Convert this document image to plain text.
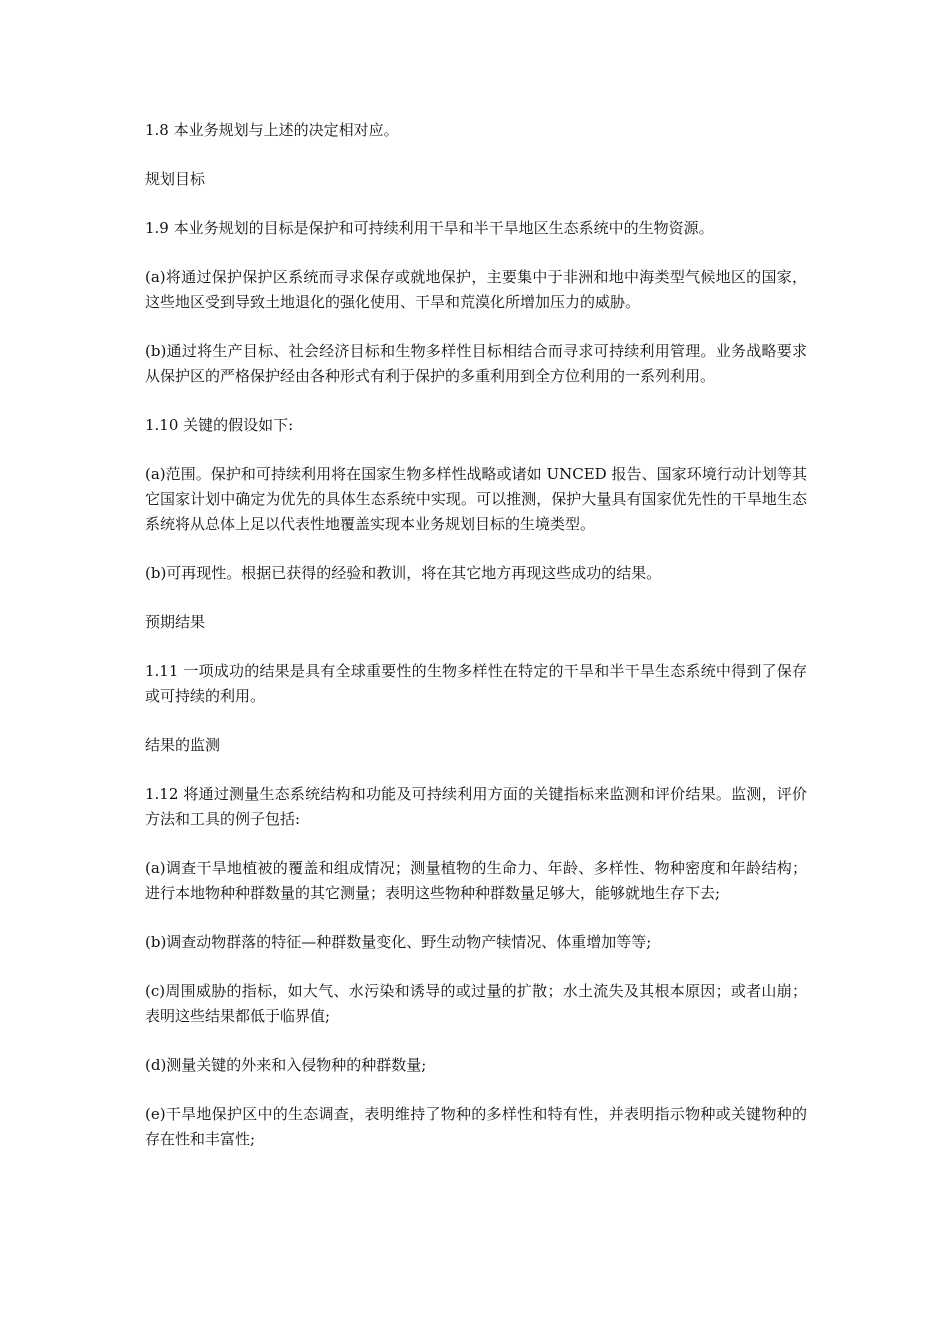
1.8 本业务规划与上述的决定相对应。

规划目标

1.9 本业务规划的目标是保护和可持续利用干旱和半干旱地区生态系统中的生物资源。

(a)将通过保护保护区系统而寻求保存或就地保护，主要集中于非洲和地中海类型气候地区的国家，这些地区受到导致土地退化的强化使用、干旱和荒漠化所增加压力的威胁。

(b)通过将生产目标、社会经济目标和生物多样性目标相结合而寻求可持续利用管理。业务战略要求从保护区的严格保护经由各种形式有利于保护的多重利用到全方位利用的一系列利用。

1.10 关键的假设如下:

(a)范围。保护和可持续利用将在国家生物多样性战略或诸如 UNCED 报告、国家环境行动计划等其它国家计划中确定为优先的具体生态系统中实现。可以推测，保护大量具有国家优先性的干旱地生态系统将从总体上足以代表性地覆盖实现本业务规划目标的生境类型。

(b)可再现性。根据已获得的经验和教训，将在其它地方再现这些成功的结果。

预期结果

1.11 一项成功的结果是具有全球重要性的生物多样性在特定的干旱和半干旱生态系统中得到了保存或可持续的利用。

结果的监测

1.12 将通过测量生态系统结构和功能及可持续利用方面的关键指标来监测和评价结果。监测，评价方法和工具的例子包括:

(a)调查干旱地植被的覆盖和组成情况；测量植物的生命力、年龄、多样性、物种密度和年龄结构；进行本地物种种群数量的其它测量；表明这些物种种群数量足够大，能够就地生存下去;

(b)调查动物群落的特征—种群数量变化、野生动物产犊情况、体重增加等等;

(c)周围威胁的指标，如大气、水污染和诱导的或过量的扩散；水土流失及其根本原因；或者山崩；表明这些结果都低于临界值;

(d)测量关键的外来和入侵物种的种群数量;

(e)干旱地保护区中的生态调查，表明维持了物种的多样性和特有性，并表明指示物种或关键物种的存在性和丰富性;
